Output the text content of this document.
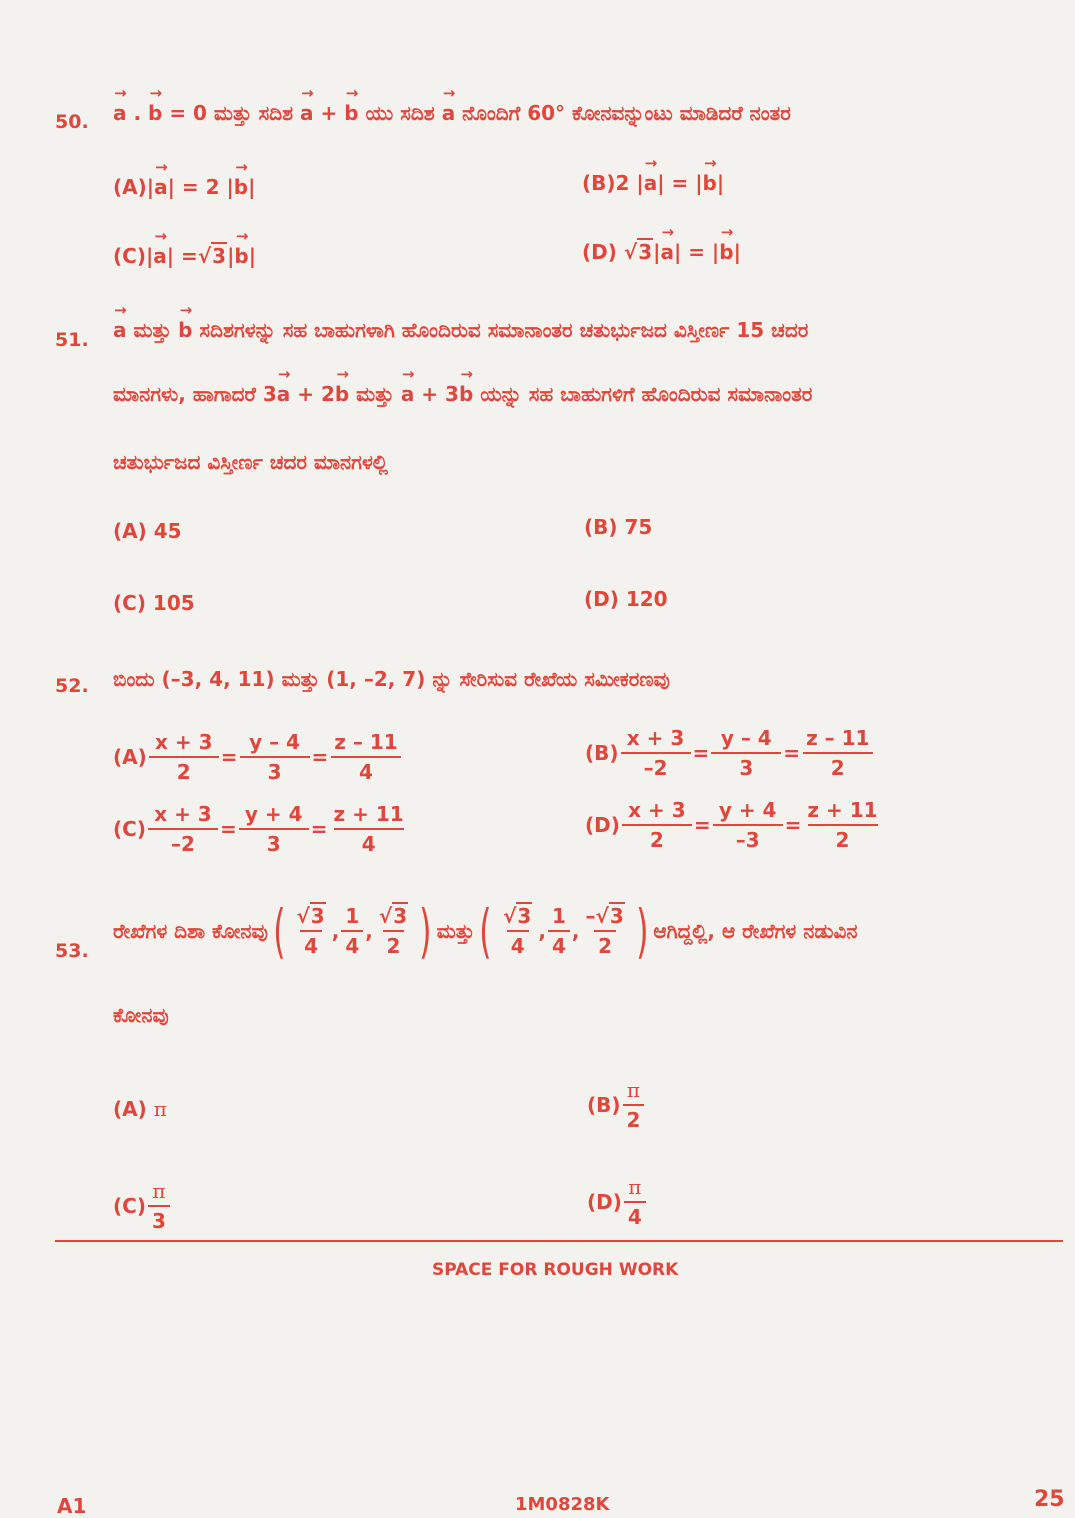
50. → a . → b = 0 ಮತ್ತು ಸದಿಶ → a + → b ಯು ಸದಿಶ → a ನೊಂದಿಗೆ 60° ಕೋನವನ್ನುಂಟು ಮಾಡಿದರೆ ನಂತರ
(A) | → a | = 2 | → b |	(B) 2 | → a | = | → b |
(C) | → a | = √3 | → b |	(D)
√3 | → a | = | → b |
51. → a ಮತ್ತು → b ಸದಿಶಗಳನ್ನು ಸಹ ಬಾಹುಗಳಾಗಿ ಹೊಂದಿರುವ ಸಮಾನಾಂತರ ಚತುರ್ಭುಜದ ವಿಸ್ತೀರ್ಣ 15 ಚದರ
ಮಾನಗಳು, ಹಾಗಾದರೆ 3→ a + 2→ b ಮತ್ತು → a + 3→ b ಯನ್ನು ಸಹ ಬಾಹುಗಳಿಗೆ ಹೊಂದಿರುವ ಸಮಾನಾಂತರ
ಚತುರ್ಭುಜದ ವಿಸ್ತೀರ್ಣ ಚದರ ಮಾನಗಳಲ್ಲಿ
(A) 45	(B) 75
(C) 105	(D) 120
52. ಬಿಂದು (–3, 4, 11) ಮತ್ತು (1, –2, 7) ನ್ನು ಸೇರಿಸುವ ರೇಖೆಯ ಸಮೀಕರಣವು
$(A) \frac{x + 3}{2} = \frac{y - 4}{3} = \frac{z - 11}{4}$	$(B) \frac{x + 3}{-2} = \frac{y - 4}{3} = \frac{z - 11}{2}$
$(C) \frac{x + 3}{-2} = \frac{y + 4}{3} = \frac{z + 11}{4}$	$(D) \frac{x + 3}{2} = \frac{y + 4}{-3} = \frac{z + 11}{2}$
53.
ರೇಖೆಗಳ ದಿಶಾ ಕೋನವು ( $\frac{√3}{4}$ , $\frac{1}{4}$ , $\frac{√3}{2}$ ) ಮತ್ತು ( $\frac{√3}{4}$ , $\frac{1}{4}$ , $\frac{-√3}{2}$ ) ಆಗಿದ್ದಲ್ಲಿ, ಆ ರೇಖೆಗಳ ನಡುವಿನ
ಕೋನವು
(A)
π	$(B) \frac{\pi}{2}$
$(C) \frac{\pi}{3}$	$(D) \frac{\pi}{4}$
SPACE FOR ROUGH WORK
A1	1M0828K	25
